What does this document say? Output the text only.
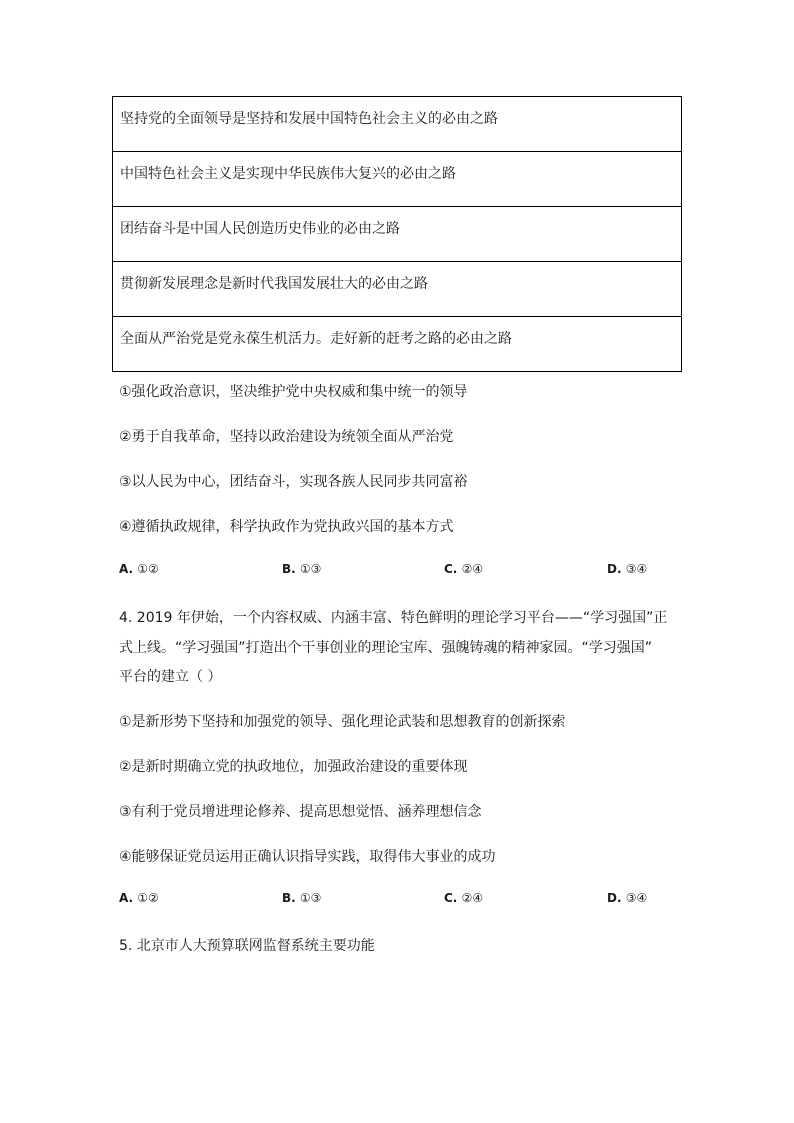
坚持党的全面领导是坚持和发展中国特色社会主义的必由之路
中国特色社会主义是实现中华民族伟大复兴的必由之路
团结奋斗是中国人民创造历史伟业的必由之路
贯彻新发展理念是新时代我国发展壮大的必由之路
全面从严治党是党永葆生机活力。走好新的赶考之路的必由之路
①强化政治意识，坚决维护党中央权威和集中统一的领导
②勇于自我革命，坚持以政治建设为统领全面从严治党
③以人民为中心，团结奋斗，实现各族人民同步共同富裕
④遵循执政规律，科学执政作为党执政兴国的基本方式
A. ①②	B. ①③	C. ②④	D. ③④
4. 2019 年伊始，一个内容权威、内涵丰富、特色鲜明的理论学习平台——“学习强国”正
式上线。“学习强国”打造出个干事创业的理论宝库、强魄铸魂的精神家园。“学习强国”
平台的建立（ ）
①是新形势下坚持和加强党的领导、强化理论武装和思想教育的创新探索
②是新时期确立党的执政地位，加强政治建设的重要体现
③有利于党员增进理论修养、提高思想觉悟、涵养理想信念
④能够保证党员运用正确认识指导实践，取得伟大事业的成功
A. ①②	B. ①③	C. ②④	D. ③④
5. 北京市人大预算联网监督系统主要功能
